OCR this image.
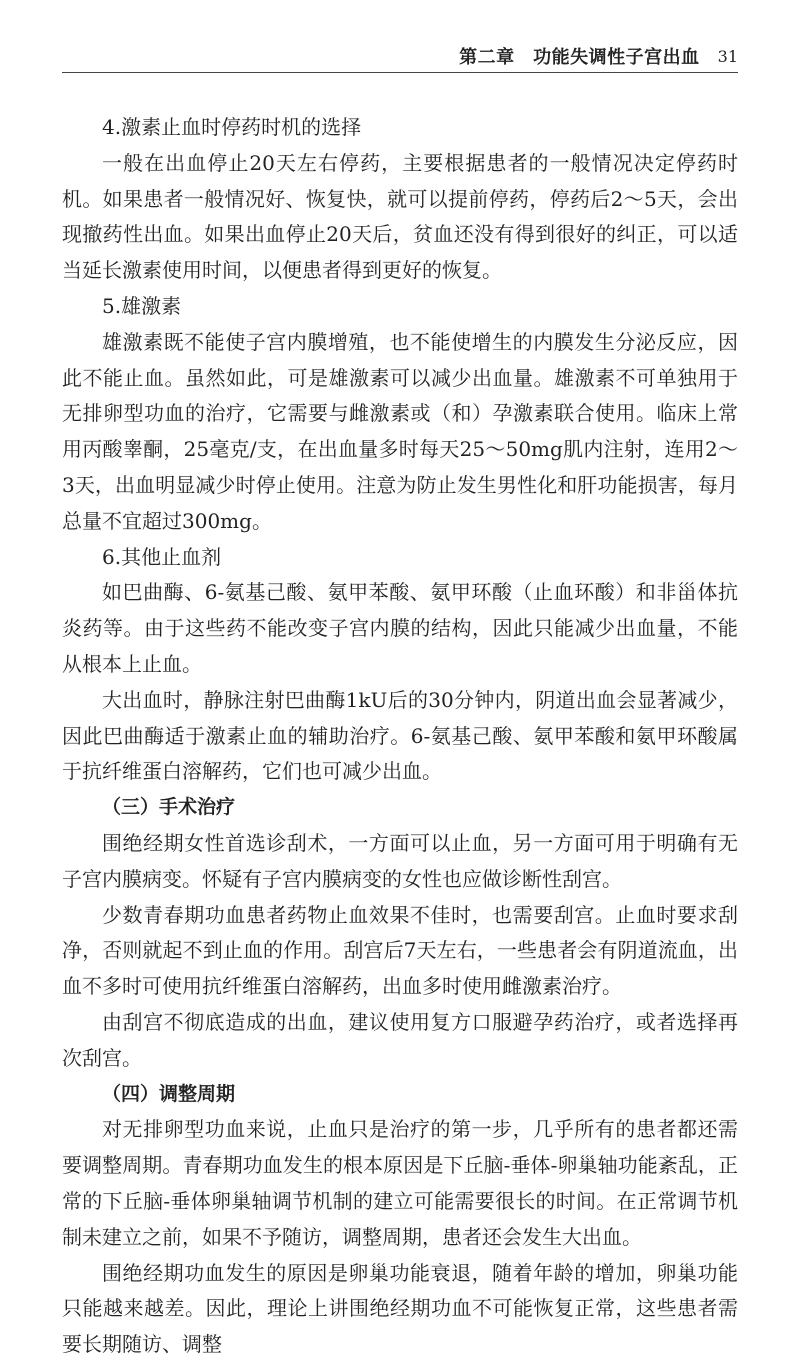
第二章　功能失调性子宫出血 31

4.激素止血时停药时机的选择

一般在出血停止20天左右停药，主要根据患者的一般情况决定停药时机。如果患者一般情况好、恢复快，就可以提前停药，停药后2～5天，会出现撤药性出血。如果出血停止20天后，贫血还没有得到很好的纠正，可以适当延长激素使用时间，以便患者得到更好的恢复。

5.雄激素

雄激素既不能使子宫内膜增殖，也不能使增生的内膜发生分泌反应，因此不能止血。虽然如此，可是雄激素可以减少出血量。雄激素不可单独用于无排卵型功血的治疗，它需要与雌激素或（和）孕激素联合使用。临床上常用丙酸睾酮，25毫克/支，在出血量多时每天25～50mg肌内注射，连用2～3天，出血明显减少时停止使用。注意为防止发生男性化和肝功能损害，每月总量不宜超过300mg。

6.其他止血剂

如巴曲酶、6-氨基己酸、氨甲苯酸、氨甲环酸（止血环酸）和非甾体抗炎药等。由于这些药不能改变子宫内膜的结构，因此只能减少出血量，不能从根本上止血。

大出血时，静脉注射巴曲酶1kU后的30分钟内，阴道出血会显著减少，因此巴曲酶适于激素止血的辅助治疗。6-氨基己酸、氨甲苯酸和氨甲环酸属于抗纤维蛋白溶解药，它们也可减少出血。

（三）手术治疗

围绝经期女性首选诊刮术，一方面可以止血，另一方面可用于明确有无子宫内膜病变。怀疑有子宫内膜病变的女性也应做诊断性刮宫。

少数青春期功血患者药物止血效果不佳时，也需要刮宫。止血时要求刮净，否则就起不到止血的作用。刮宫后7天左右，一些患者会有阴道流血，出血不多时可使用抗纤维蛋白溶解药，出血多时使用雌激素治疗。

由刮宫不彻底造成的出血，建议使用复方口服避孕药治疗，或者选择再次刮宫。

（四）调整周期

对无排卵型功血来说，止血只是治疗的第一步，几乎所有的患者都还需要调整周期。青春期功血发生的根本原因是下丘脑-垂体-卵巢轴功能紊乱，正常的下丘脑-垂体卵巢轴调节机制的建立可能需要很长的时间。在正常调节机制未建立之前，如果不予随访，调整周期，患者还会发生大出血。

围绝经期功血发生的原因是卵巢功能衰退，随着年龄的增加，卵巢功能只能越来越差。因此，理论上讲围绝经期功血不可能恢复正常，这些患者需要长期随访、调整
